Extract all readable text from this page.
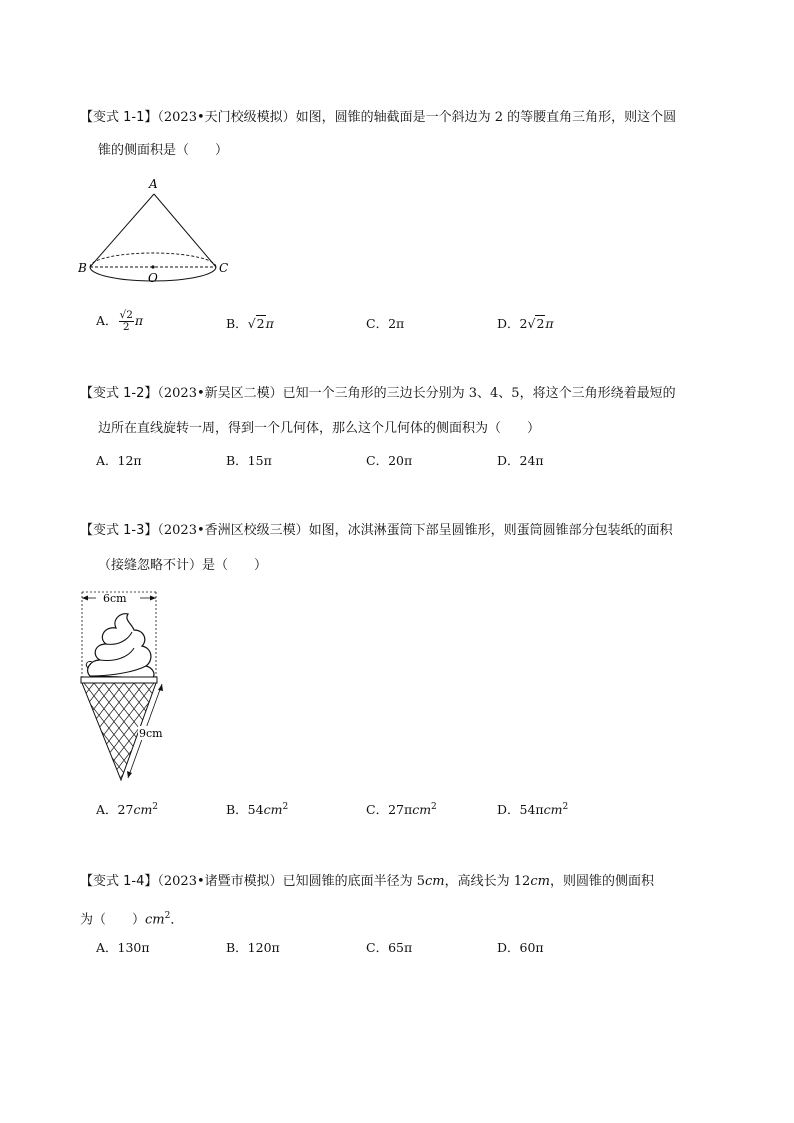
【变式 1-1】（2023•天门校级模拟）如图，圆锥的轴截面是一个斜边为 2 的等腰直角三角形，则这个圆
锥的侧面积是（　　）
A
B	C
O
A． $\frac{√2}{2}$ π	B．√2π	C．2π	D．2√2π
【变式 1-2】（2023•新吴区二模）已知一个三角形的三边长分别为 3、4、5，将这个三角形绕着最短的
边所在直线旋转一周，得到一个几何体，那么这个几何体的侧面积为（　　）
A．12π	B．15π	C．20π	D．24π
【变式 1-3】（2023•香洲区校级三模）如图，冰淇淋蛋筒下部呈圆锥形，则蛋筒圆锥部分包装纸的面积
（接缝忽略不计）是（　　）
6cm
9cm
A．$27cm^2$	B．$54cm^2$	C．27πcm$^2$	D．54πcm$^2$
【变式 1-4】（2023•诸暨市模拟）已知圆锥的底面半径为 5cm，高线长为 12cm，则圆锥的侧面积
为（　　）$cm^2$．
A．130π	B．120π	C．65π	D．60π
